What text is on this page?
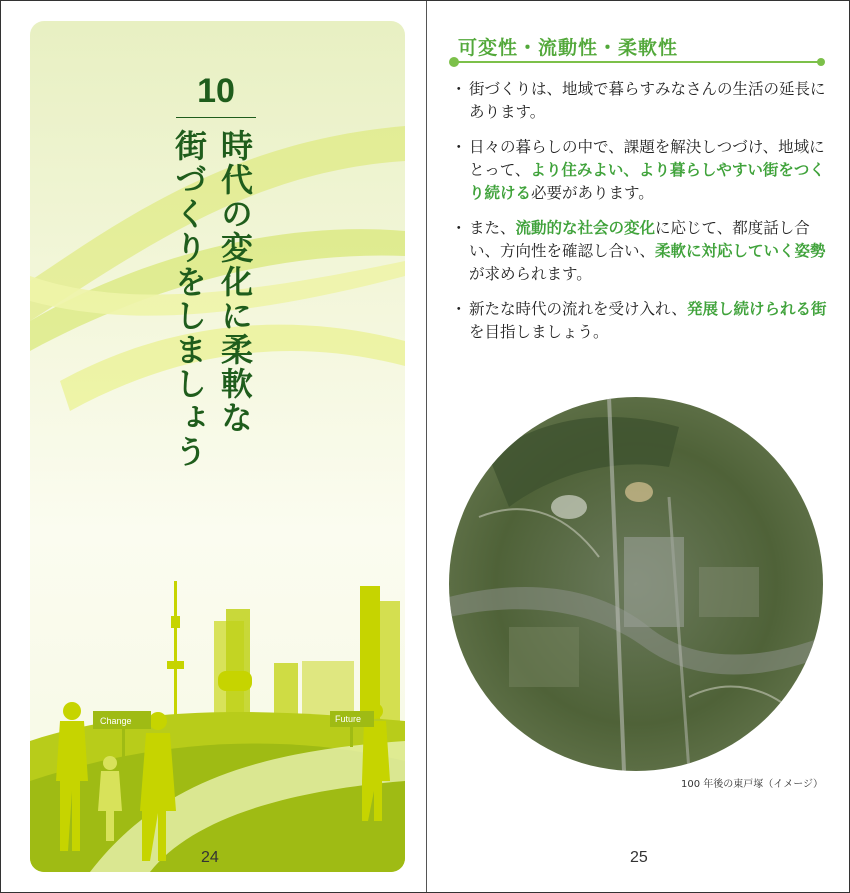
Change	Future
10
時代の変化に柔軟な
街づくりをしましょう
24
可変性・流動性・柔軟性
・ 街づくりは、地域で暮らすみなさんの生活の延長にあります。
・ 日々の暮らしの中で、課題を解決しつづけ、地域にとって、より住みよい、より暮らしやすい街をつくり続ける必要があります。
・ また、流動的な社会の変化に応じて、都度話し合い、方向性を確認し合い、柔軟に対応していく姿勢が求められます。
・ 新たな時代の流れを受け入れ、発展し続けられる街を目指しましょう。
100 年後の東戸塚（イメージ）
25
